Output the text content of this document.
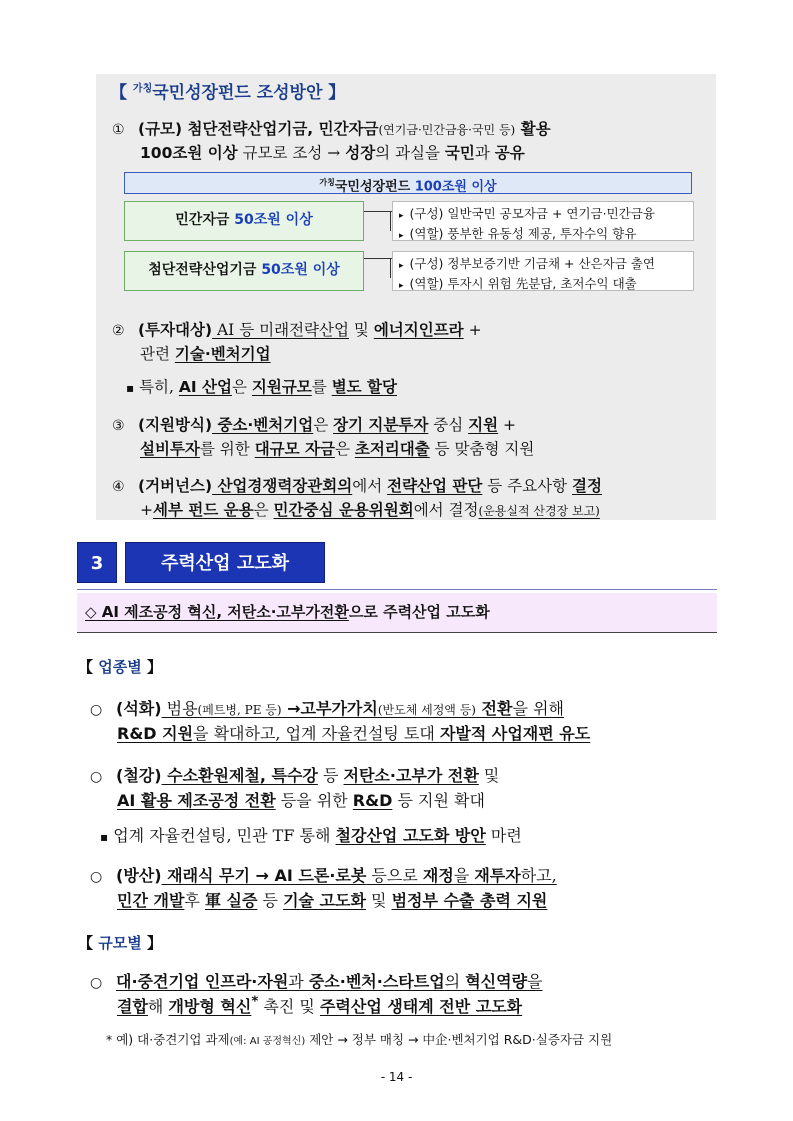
【 $^{가칭}$국민성장펀드 조성방안 】
① (규모) 첨단전략산업기금, 민간자금(연기금·민간금융·국민 등) 활용
100조원 이상 규모로 조성 → 성장의 과실을 국민과 공유
$^{가칭}$국민성장펀드 100조원 이상
민간자금 50조원 이상	▸ (구성) 일반국민 공모자금 + 연기금·민간금융
▸ (역할) 풍부한 유동성 제공, 투자수익 향유
첨단전략산업기금 50조원 이상	▸ (구성) 정부보증기반 기금채 + 산은자금 출연
▸ (역할) 투자시 위험 先분담, 초저수익 대출
② (투자대상) AI 등 미래전략산업 및 에너지인프라 +
관련 기술·벤처기업
▪ 특히, AI 산업은 지원규모를 별도 할당
③ (지원방식) 중소·벤처기업은 장기 지분투자 중심 지원 +
설비투자를 위한 대규모 자금은 초저리대출 등 맞춤형 지원
④ (거버넌스) 산업경쟁력장관회의에서 전략산업 판단 등 주요사항 결정
+세부 펀드 운용은 민간중심 운용위원회에서 결정(운용실적 산경장 보고)
3	주력산업 고도화
◇ AI 제조공정 혁신, 저탄소·고부가전환으로 주력산업 고도화
【 업종별 】
○ (석화) 범용(페트병, PE 등) →고부가가치(반도체 세정액 등) 전환을 위해
R&D 지원을 확대하고, 업계 자율컨설팅 토대 자발적 사업재편 유도
○ (철강) 수소환원제철, 특수강 등 저탄소·고부가 전환 및
AI 활용 제조공정 전환 등을 위한 R&D 등 지원 확대
▪ 업계 자율컨설팅, 민관 TF 통해 철강산업 고도화 방안 마련
○ (방산) 재래식 무기 → AI 드론·로봇 등으로 재정을 재투자하고,
민간 개발후 軍 실증 등 기술 고도화 및 범정부 수출 총력 지원
【 규모별 】
○ 대·중견기업 인프라·자원과 중소·벤처·스타트업의 혁신역량을
결합해 개방형 혁신* 촉진 및 주력산업 생태계 전반 고도화
* 예) 대·중견기업 과제(예: AI 공정혁신) 제안 → 정부 매칭 → 中企·벤처기업 R&D·실증자금 지원
- 14 -
